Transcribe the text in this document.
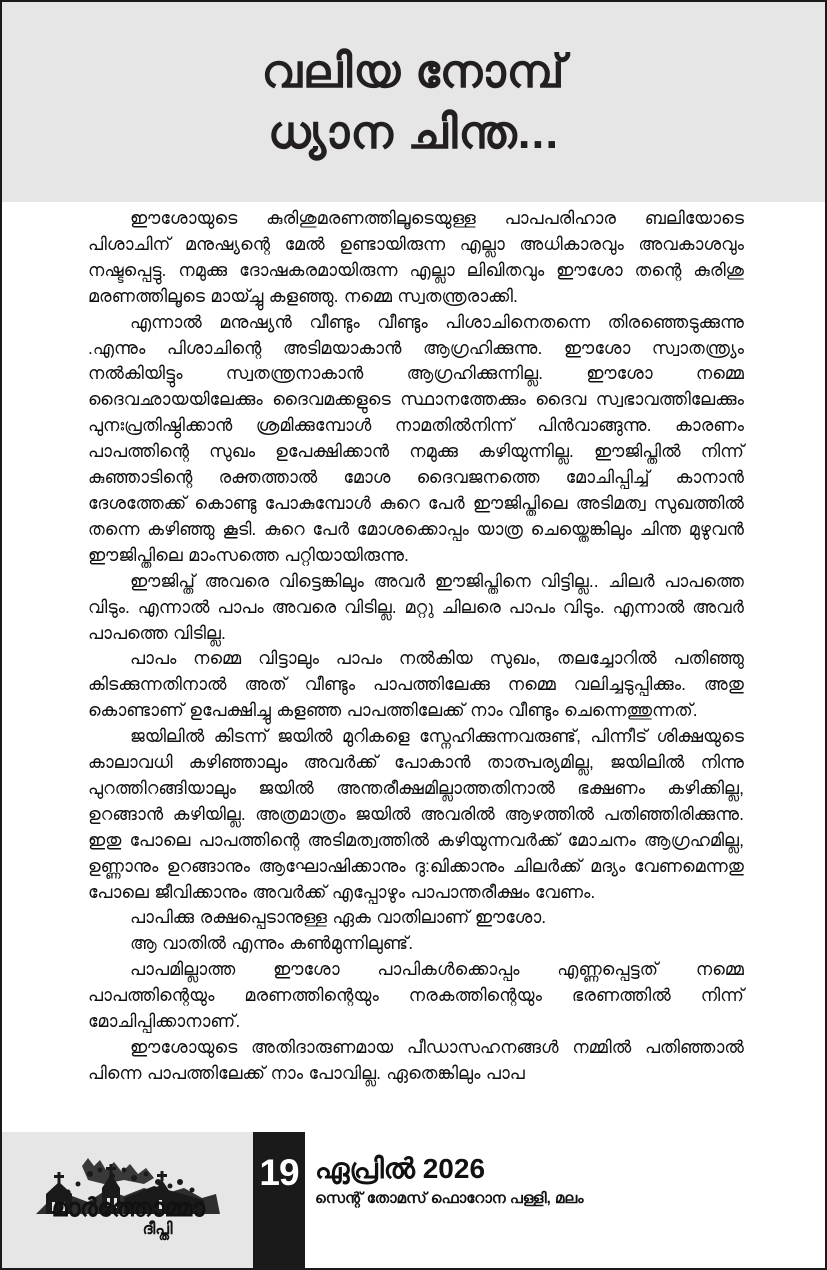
വലിയ നോമ്പ്
ധ്യാന ചിന്ത...

ഈശോയുടെ കുരിശുമരണത്തിലൂടെയുള്ള പാപപരിഹാര ബലിയോടെ പിശാചിന് മനുഷ്യന്റെ മേൽ ഉണ്ടായിരുന്ന എല്ലാ അധികാരവും അവകാശവും നഷ്ടപ്പെട്ടു. നമുക്കു ദോഷകരമായിരുന്ന എല്ലാ ലിഖിതവും ഈശോ തന്റെ കുരിശു മരണത്തിലൂടെ മായ്ച്ചു കളഞ്ഞു. നമ്മെ സ്വതന്ത്രരാക്കി.

എന്നാൽ മനുഷ്യൻ വീണ്ടും വീണ്ടും പിശാചിനെതന്നെ തിരഞ്ഞെടുക്കുന്നു .എന്നും പിശാചിന്റെ അടിമയാകാൻ ആഗ്രഹിക്കുന്നു. ഈശോ സ്വാതന്ത്ര്യം നൽകിയിട്ടും സ്വതന്ത്രനാകാൻ ആഗ്രഹിക്കുന്നില്ല. ഈശോ നമ്മെ ദൈവഛായയിലേക്കും ദൈവമക്കളുടെ സ്ഥാനത്തേക്കും ദൈവ സ്വഭാവത്തിലേക്കും പുനഃപ്രതിഷ്ഠിക്കാൻ ശ്രമിക്കുമ്പോൾ നാമതിൽനിന്ന് പിൻവാങ്ങുന്നു. കാരണം പാപത്തിന്റെ സുഖം ഉപേക്ഷിക്കാൻ നമുക്കു കഴിയുന്നില്ല. ഈജിപ്തിൽ നിന്ന് കുഞ്ഞാടിന്റെ രക്തത്താൽ മോശ ദൈവജനത്തെ മോചിപ്പിച്ച് കാനാൻ ദേശത്തേക്ക് കൊണ്ടു പോകുമ്പോൾ കുറെ പേർ ഈജിപ്തിലെ അടിമത്വ സുഖത്തിൽ തന്നെ കഴിഞ്ഞു കൂടി. കുറെ പേർ മോശക്കൊപ്പം യാത്ര ചെയ്തെങ്കിലും ചിന്ത മുഴുവൻ ഈജിപ്തിലെ മാംസത്തെ പറ്റിയായിരുന്നു.

ഈജിപ്ത് അവരെ വിട്ടെങ്കിലും അവർ ഈജിപ്തിനെ വിട്ടില്ല.. ചിലർ പാപത്തെ വിടും. എന്നാൽ പാപം അവരെ വിടില്ല. മറ്റു ചിലരെ പാപം വിടും. എന്നാൽ അവർ പാപത്തെ വിടില്ല.

പാപം നമ്മെ വിട്ടാലും പാപം നൽകിയ സുഖം, തലച്ചോറിൽ പതിഞ്ഞു കിടക്കുന്നതിനാൽ അത് വീണ്ടും പാപത്തിലേക്കു നമ്മെ വലിച്ചടുപ്പിക്കും. അതു കൊണ്ടാണ് ഉപേക്ഷിച്ചു കളഞ്ഞ പാപത്തിലേക്ക് നാം വീണ്ടും ചെന്നെത്തുന്നത്.

ജയിലിൽ കിടന്ന് ജയിൽ മുറികളെ സ്നേഹിക്കുന്നവരുണ്ട്, പിന്നീട് ശിക്ഷയുടെ കാലാവധി കഴിഞ്ഞാലും അവർക്ക് പോകാൻ താത്പര്യമില്ല, ജയിലിൽ നിന്നു പുറത്തിറങ്ങിയാലും ജയിൽ അന്തരീക്ഷമില്ലാത്തതിനാൽ ഭക്ഷണം കഴിക്കില്ല, ഉറങ്ങാൻ കഴിയില്ല. അത്രമാത്രം ജയിൽ അവരിൽ ആഴത്തിൽ പതിഞ്ഞിരിക്കുന്നു. ഇതു പോലെ പാപത്തിന്റെ അടിമത്വത്തിൽ കഴിയുന്നവർക്ക് മോചനം ആഗ്രഹമില്ല, ഉണ്ണാനും ഉറങ്ങാനും ആഘോഷിക്കാനും ദു:ഖിക്കാനും ചിലർക്ക് മദ്യം വേണമെന്നതു പോലെ ജീവിക്കാനും അവർക്ക് എപ്പോഴും പാപാന്തരീക്ഷം വേണം.

പാപിക്കു രക്ഷപ്പെടാനുള്ള ഏക വാതിലാണ് ഈശോ.

ആ വാതിൽ എന്നും കൺമുന്നിലുണ്ട്.

പാപമില്ലാത്ത ഈശോ പാപികൾക്കൊപ്പം എണ്ണപ്പെട്ടത് നമ്മെ പാപത്തിന്റെയും മരണത്തിന്റെയും നരകത്തിന്റെയും ഭരണത്തിൽ നിന്ന് മോചിപ്പിക്കാനാണ്.

ഈശോയുടെ അതിദാരുണമായ പീഡാസഹനങ്ങൾ നമ്മിൽ പതിഞ്ഞാൽ പിന്നെ പാപത്തിലേക്ക് നാം പോവില്ല. ഏതെങ്കിലും പാപ

മാർത്തോമ്മാ
ദീപ്തി
19 ഏപ്രിൽ 2026
സെന്റ് തോമസ് ഫൊറോന പള്ളി, മലം
